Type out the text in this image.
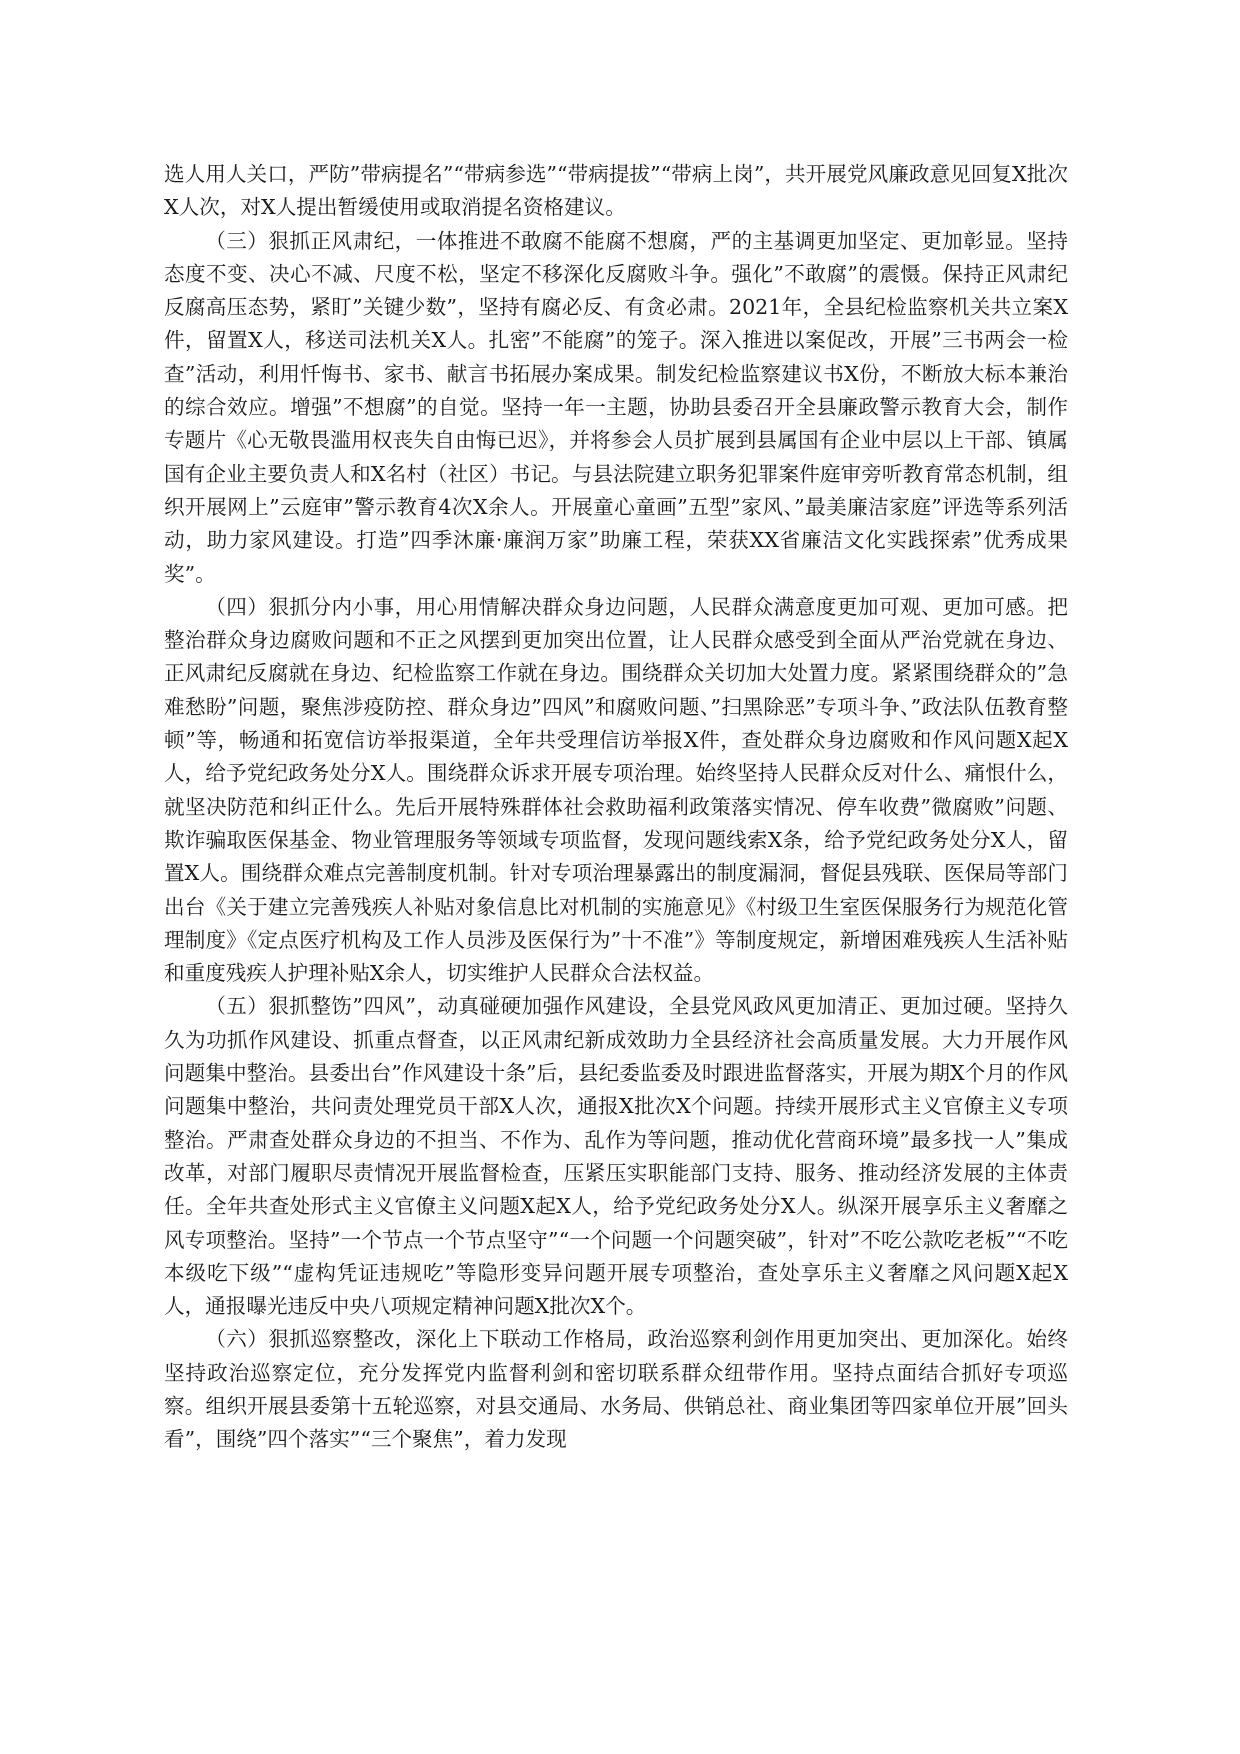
选人用人关口，严防”带病提名”“带病参选”“带病提拔”“带病上岗”，共开展党风廉政意见回复X批次X人次，对X人提出暂缓使用或取消提名资格建议。

（三）狠抓正风肃纪，一体推进不敢腐不能腐不想腐，严的主基调更加坚定、更加彰显。坚持态度不变、决心不减、尺度不松，坚定不移深化反腐败斗争。强化”不敢腐”的震慑。保持正风肃纪反腐高压态势，紧盯”关键少数”，坚持有腐必反、有贪必肃。2021年，全县纪检监察机关共立案X件，留置X人，移送司法机关X人。扎密”不能腐”的笼子。深入推进以案促改，开展”三书两会一检查”活动，利用忏悔书、家书、献言书拓展办案成果。制发纪检监察建议书X份，不断放大标本兼治的综合效应。增强”不想腐”的自觉。坚持一年一主题，协助县委召开全县廉政警示教育大会，制作专题片《心无敬畏滥用权丧失自由悔已迟》，并将参会人员扩展到县属国有企业中层以上干部、镇属国有企业主要负责人和X名村（社区）书记。与县法院建立职务犯罪案件庭审旁听教育常态机制，组织开展网上”云庭审”警示教育4次X余人。开展童心童画”五型”家风、”最美廉洁家庭”评选等系列活动，助力家风建设。打造”四季沐廉·廉润万家”助廉工程，荣获XX省廉洁文化实践探索”优秀成果奖”。

（四）狠抓分内小事，用心用情解决群众身边问题，人民群众满意度更加可观、更加可感。把整治群众身边腐败问题和不正之风摆到更加突出位置，让人民群众感受到全面从严治党就在身边、正风肃纪反腐就在身边、纪检监察工作就在身边。围绕群众关切加大处置力度。紧紧围绕群众的”急难愁盼”问题，聚焦涉疫防控、群众身边”四风”和腐败问题、”扫黑除恶”专项斗争、”政法队伍教育整顿”等，畅通和拓宽信访举报渠道，全年共受理信访举报X件，查处群众身边腐败和作风问题X起X人，给予党纪政务处分X人。围绕群众诉求开展专项治理。始终坚持人民群众反对什么、痛恨什么，就坚决防范和纠正什么。先后开展特殊群体社会救助福利政策落实情况、停车收费”微腐败”问题、欺诈骗取医保基金、物业管理服务等领域专项监督，发现问题线索X条，给予党纪政务处分X人，留置X人。围绕群众难点完善制度机制。针对专项治理暴露出的制度漏洞，督促县残联、医保局等部门出台《关于建立完善残疾人补贴对象信息比对机制的实施意见》《村级卫生室医保服务行为规范化管理制度》《定点医疗机构及工作人员涉及医保行为”十不准”》等制度规定，新增困难残疾人生活补贴和重度残疾人护理补贴X余人，切实维护人民群众合法权益。

（五）狠抓整饬”四风”，动真碰硬加强作风建设，全县党风政风更加清正、更加过硬。坚持久久为功抓作风建设、抓重点督查，以正风肃纪新成效助力全县经济社会高质量发展。大力开展作风问题集中整治。县委出台”作风建设十条”后，县纪委监委及时跟进监督落实，开展为期X个月的作风问题集中整治，共问责处理党员干部X人次，通报X批次X个问题。持续开展形式主义官僚主义专项整治。严肃查处群众身边的不担当、不作为、乱作为等问题，推动优化营商环境”最多找一人”集成改革，对部门履职尽责情况开展监督检查，压紧压实职能部门支持、服务、推动经济发展的主体责任。全年共查处形式主义官僚主义问题X起X人，给予党纪政务处分X人。纵深开展享乐主义奢靡之风专项整治。坚持”一个节点一个节点坚守”“一个问题一个问题突破”，针对”不吃公款吃老板”“不吃本级吃下级”“虚构凭证违规吃”等隐形变异问题开展专项整治，查处享乐主义奢靡之风问题X起X人，通报曝光违反中央八项规定精神问题X批次X个。

（六）狠抓巡察整改，深化上下联动工作格局，政治巡察利剑作用更加突出、更加深化。始终坚持政治巡察定位，充分发挥党内监督利剑和密切联系群众纽带作用。坚持点面结合抓好专项巡察。组织开展县委第十五轮巡察，对县交通局、水务局、供销总社、商业集团等四家单位开展”回头看”，围绕”四个落实”“三个聚焦”，着力发现
